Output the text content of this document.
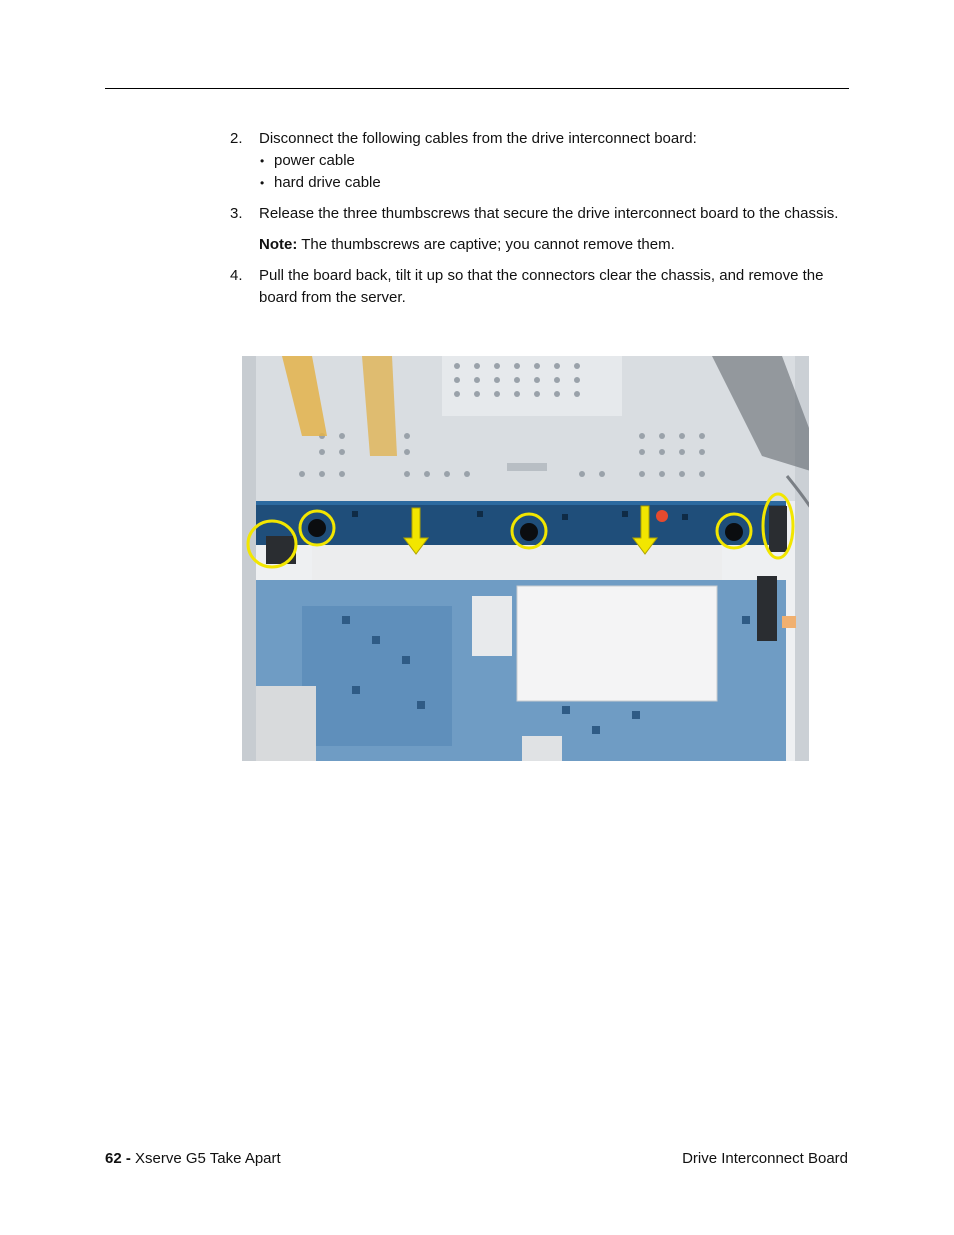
2. Disconnect the following cables from the drive interconnect board:
• power cable
• hard drive cable
3. Release the three thumbscrews that secure the drive interconnect board to the chassis.
Note: The thumbscrews are captive; you cannot remove them.
4. Pull the board back, tilt it up so that the connectors clear the chassis, and remove the board from the server.
62 - Xserve G5 Take Apart	Drive Interconnect Board
